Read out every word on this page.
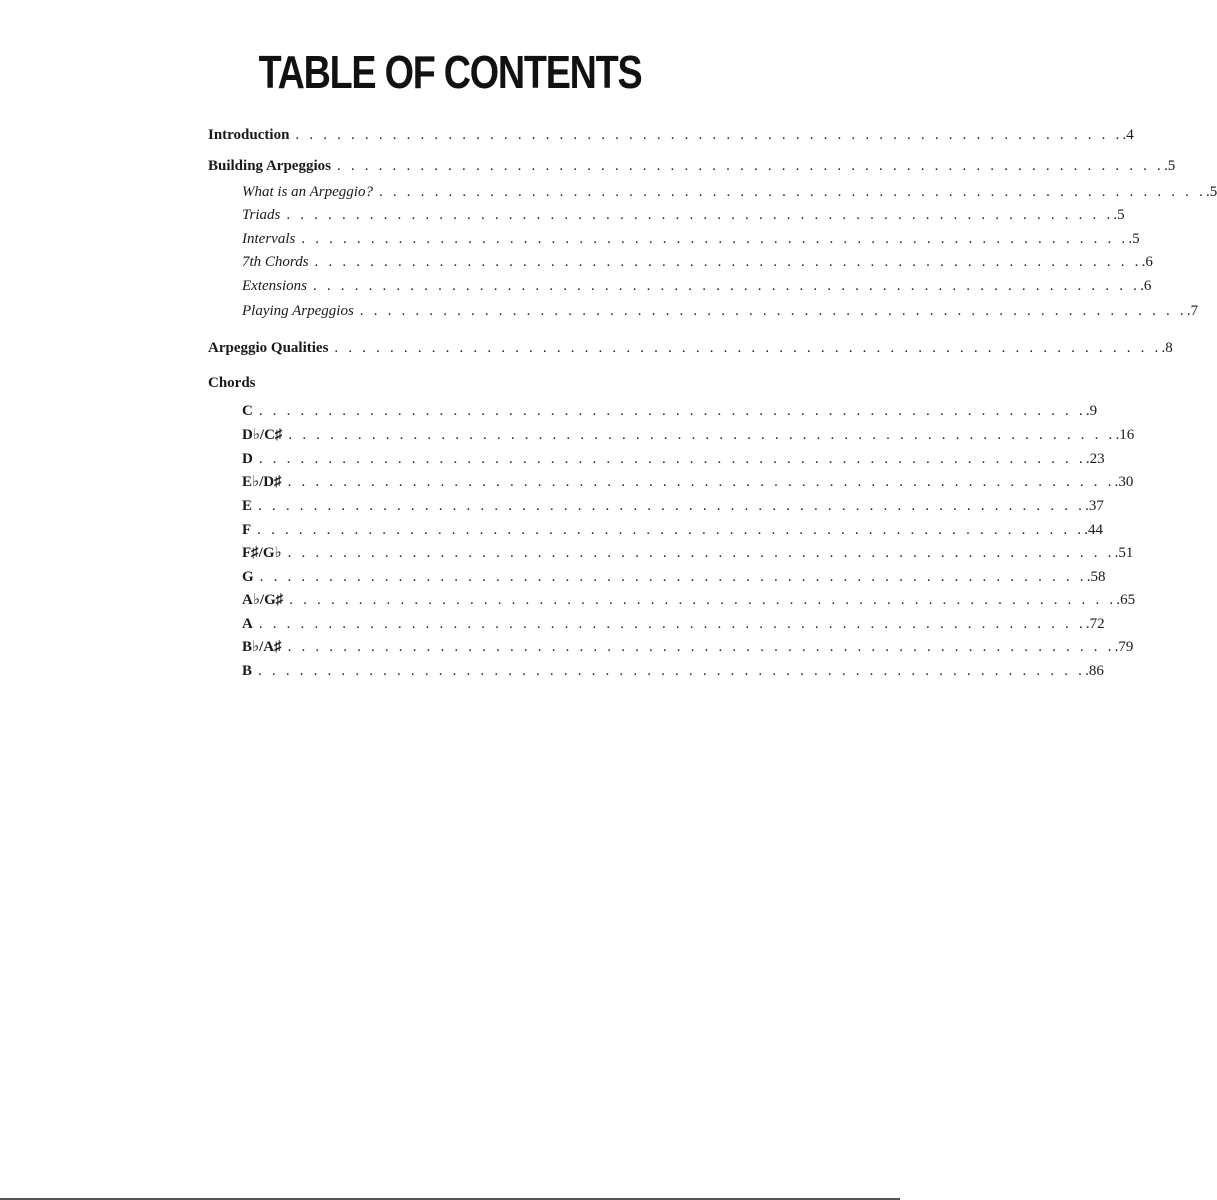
TABLE OF CONTENTS
Introduction . . . . . . . . . . . . . . . . . . . . . . . . . . . . . . . . . . . . . . . . . . . . . . . . . . . . . . . . . . . . .4
Building Arpeggios . . . . . . . . . . . . . . . . . . . . . . . . . . . . . . . . . . . . . . . . . . . . . . . . . . . . . . . . . . . . .5
What is an Arpeggio? . . . . . . . . . . . . . . . . . . . . . . . . . . . . . . . . . . . . . . . . . . . . . . . . . . . . . . . . . . . . .5
Triads . . . . . . . . . . . . . . . . . . . . . . . . . . . . . . . . . . . . . . . . . . . . . . . . . . . . . . . . . . . . .5
Intervals . . . . . . . . . . . . . . . . . . . . . . . . . . . . . . . . . . . . . . . . . . . . . . . . . . . . . . . . . . . . .5
7th Chords . . . . . . . . . . . . . . . . . . . . . . . . . . . . . . . . . . . . . . . . . . . . . . . . . . . . . . . . . . . . .6
Extensions . . . . . . . . . . . . . . . . . . . . . . . . . . . . . . . . . . . . . . . . . . . . . . . . . . . . . . . . . . . . .6
Playing Arpeggios . . . . . . . . . . . . . . . . . . . . . . . . . . . . . . . . . . . . . . . . . . . . . . . . . . . . . . . . . . . . .7
Arpeggio Qualities . . . . . . . . . . . . . . . . . . . . . . . . . . . . . . . . . . . . . . . . . . . . . . . . . . . . . . . . . . . . .8
Chords
C . . . . . . . . . . . . . . . . . . . . . . . . . . . . . . . . . . . . . . . . . . . . . . . . . . . . . . . . . . . . .9
D♭/C♯ . . . . . . . . . . . . . . . . . . . . . . . . . . . . . . . . . . . . . . . . . . . . . . . . . . . . . . . . . . . . .16
D . . . . . . . . . . . . . . . . . . . . . . . . . . . . . . . . . . . . . . . . . . . . . . . . . . . . . . . . . . . . .23
E♭/D♯ . . . . . . . . . . . . . . . . . . . . . . . . . . . . . . . . . . . . . . . . . . . . . . . . . . . . . . . . . . . . .30
E . . . . . . . . . . . . . . . . . . . . . . . . . . . . . . . . . . . . . . . . . . . . . . . . . . . . . . . . . . . . .37
F . . . . . . . . . . . . . . . . . . . . . . . . . . . . . . . . . . . . . . . . . . . . . . . . . . . . . . . . . . . . .44
F♯/G♭ . . . . . . . . . . . . . . . . . . . . . . . . . . . . . . . . . . . . . . . . . . . . . . . . . . . . . . . . . . . . .51
G . . . . . . . . . . . . . . . . . . . . . . . . . . . . . . . . . . . . . . . . . . . . . . . . . . . . . . . . . . . . .58
A♭/G♯ . . . . . . . . . . . . . . . . . . . . . . . . . . . . . . . . . . . . . . . . . . . . . . . . . . . . . . . . . . . . .65
A . . . . . . . . . . . . . . . . . . . . . . . . . . . . . . . . . . . . . . . . . . . . . . . . . . . . . . . . . . . . .72
B♭/A♯ . . . . . . . . . . . . . . . . . . . . . . . . . . . . . . . . . . . . . . . . . . . . . . . . . . . . . . . . . . . . .79
B . . . . . . . . . . . . . . . . . . . . . . . . . . . . . . . . . . . . . . . . . . . . . . . . . . . . . . . . . . . . .86
